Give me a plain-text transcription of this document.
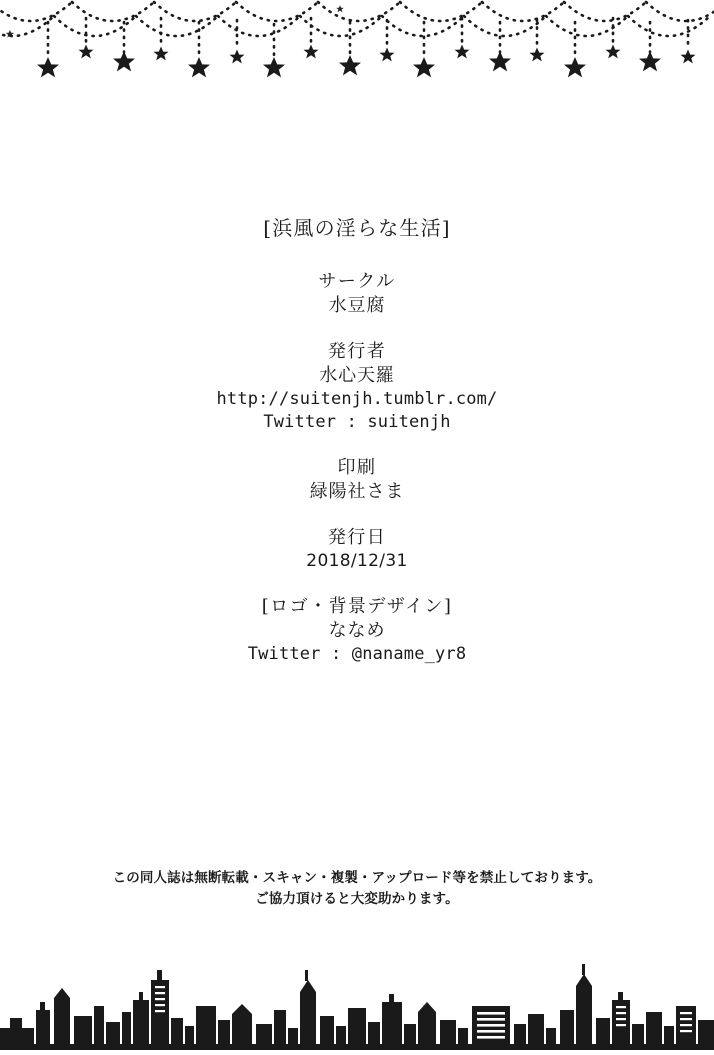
[浜風の淫らな生活]
サークル
水豆腐
発行者
水心天羅
http://suitenjh.tumblr.com/
Twitter : suitenjh
印刷
緑陽社さま
発行日
2018/12/31
[ロゴ・背景デザイン]
ななめ
Twitter : @naname_yr8
この同人誌は無断転載・スキャン・複製・アップロード等を禁止しております。
ご協力頂けると大変助かります。
